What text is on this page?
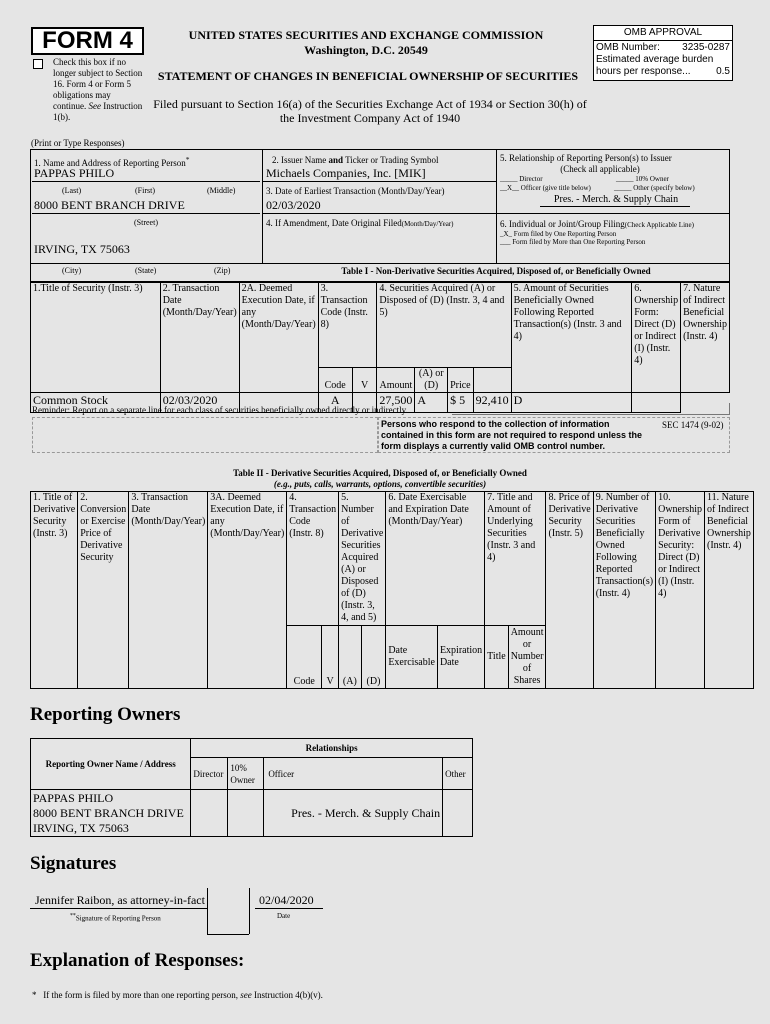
FORM 4
Check this box if no longer subject to Section 16. Form 4 or Form 5 obligations may continue. See Instruction 1(b).
UNITED STATES SECURITIES AND EXCHANGE COMMISSION
Washington, D.C. 20549
STATEMENT OF CHANGES IN BENEFICIAL OWNERSHIP OF SECURITIES
Filed pursuant to Section 16(a) of the Securities Exchange Act of 1934 or Section 30(h) of
the Investment Company Act of 1940
OMB APPROVAL
OMB Number: 3235-0287
Estimated average burden
hours per response...	0.5
(Print or Type Responses)
1. Name and Address of Reporting Person*
PAPPAS PHILO
(Last)	(First)	(Middle)
8000 BENT BRANCH DRIVE
(Street)
IRVING, TX 75063
(City)	(State)	(Zip)
2. Issuer Name and Ticker or Trading Symbol
Michaels Companies, Inc. [MIK]
3. Date of Earliest Transaction (Month/Day/Year)
02/03/2020
4. If Amendment, Date Original Filed(Month/Day/Year)
5. Relationship of Reporting Person(s) to Issuer
(Check all applicable)
_____ Director	_____ 10% Owner
__X__ Officer (give title below)	_____ Other (specify below)
Pres. - Merch. & Supply Chain
6. Individual or Joint/Group Filing(Check Applicable Line)
_X_ Form filed by One Reporting Person
___ Form filed by More than One Reporting Person
Table I - Non-Derivative Securities Acquired, Disposed of, or Beneficially Owned
1.Title of Security (Instr. 3)	2. Transaction Date (Month/Day/Year)	2A. Deemed Execution Date, if any (Month/Day/Year)	3. Transaction Code (Instr. 8)		4. Securities Acquired (A) or Disposed of (D) (Instr. 3, 4 and 5)				5. Amount of Securities Beneficially Owned Following Reported Transaction(s) (Instr. 3 and 4)	6. Ownership Form: Direct (D) or Indirect (I) (Instr. 4)	7. Nature of Indirect Beneficial Ownership (Instr. 4)
			Code	V	Amount	(A) or (D)	Price				
Common Stock	02/03/2020		A		27,500	A	$ 5	92,410	D		
Reminder: Report on a separate line for each class of securities beneficially owned directly or indirectly.
Persons who respond to the collection of information contained in this form are not required to respond unless the form displays a currently valid OMB control number.
SEC 1474 (9-02)
Table II - Derivative Securities Acquired, Disposed of, or Beneficially Owned
(e.g., puts, calls, warrants, options, convertible securities)
1. Title of Derivative Security (Instr. 3)	2. Conversion or Exercise Price of Derivative Security	3. Transaction Date (Month/Day/Year)	3A. Deemed Execution Date, if any (Month/Day/Year)	4. Transaction Code (Instr. 8)		5. Number of Derivative Securities Acquired (A) or Disposed of (D) (Instr. 3, 4, and 5)		6. Date Exercisable and Expiration Date (Month/Day/Year)		7. Title and Amount of Underlying Securities (Instr. 3 and 4)		8. Price of Derivative Security (Instr. 5)	9. Number of Derivative Securities Beneficially Owned Following Reported Transaction(s) (Instr. 4)	10. Ownership Form of Derivative Security: Direct (D) or Indirect (I) (Instr. 4)	11. Nature of Indirect Beneficial Ownership (Instr. 4)
				Code	V	(A)	(D)	Date Exercisable	Expiration Date	Title	Amount or Number of Shares				
Reporting Owners
Reporting Owner Name / Address	Relationships			
	Director	10% Owner	Officer	Other

PAPPAS PHILO
8000 BENT BRANCH DRIVE
IRVING, TX 75063			Pres. - Merch. & Supply Chain	
Signatures
Jennifer Raibon, as attorney-in-fact
**Signature of Reporting Person
02/04/2020
Date
Explanation of Responses:
* If the form is filed by more than one reporting person, see Instruction 4(b)(v).
